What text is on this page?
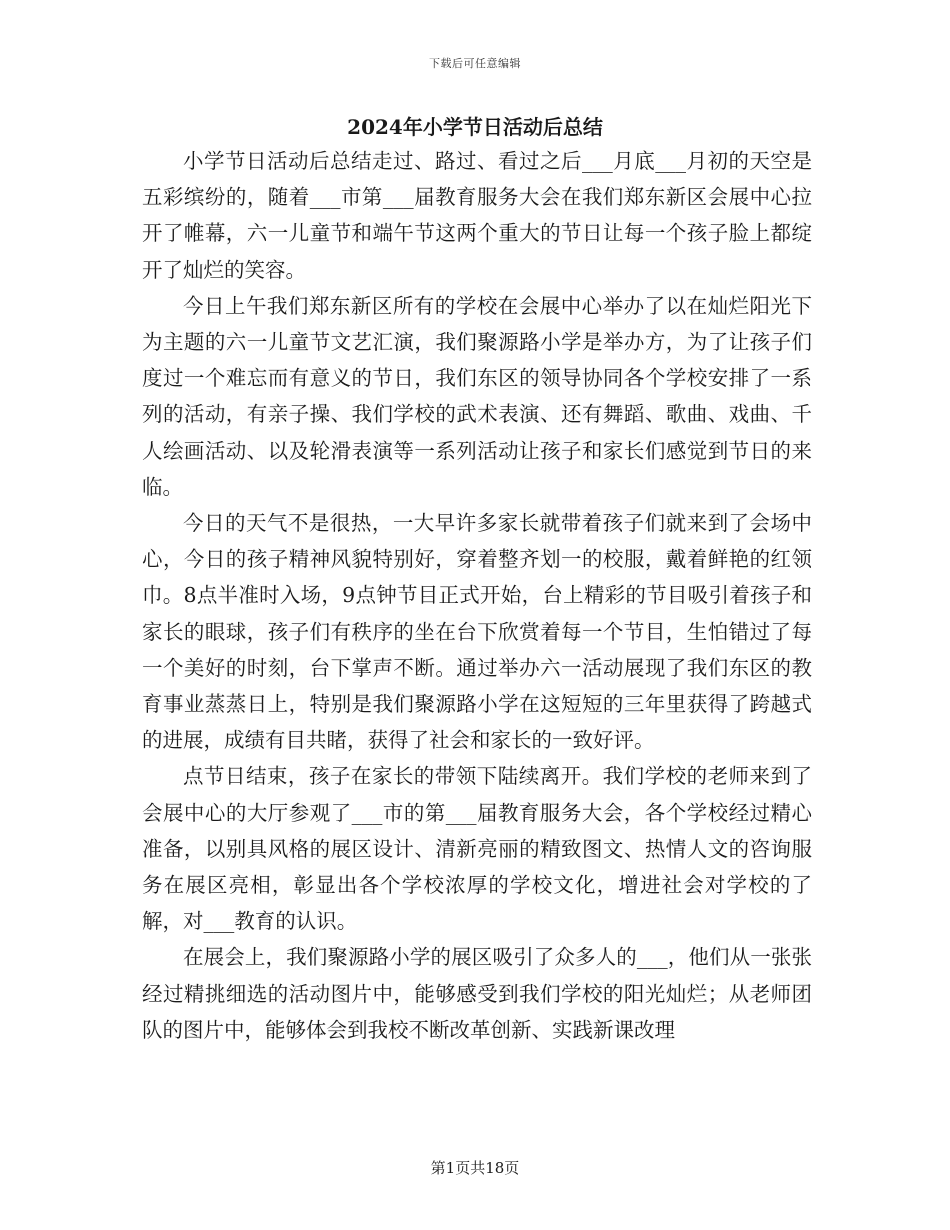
下载后可任意编辑
2024年小学节日活动后总结

小学节日活动后总结走过、路过、看过之后___月底___月初的天空是五彩缤纷的，随着___市第___届教育服务大会在我们郑东新区会展中心拉开了帷幕，六一儿童节和端午节这两个重大的节日让每一个孩子脸上都绽开了灿烂的笑容。

今日上午我们郑东新区所有的学校在会展中心举办了以在灿烂阳光下为主题的六一儿童节文艺汇演，我们聚源路小学是举办方，为了让孩子们度过一个难忘而有意义的节日，我们东区的领导协同各个学校安排了一系列的活动，有亲子操、我们学校的武术表演、还有舞蹈、歌曲、戏曲、千人绘画活动、以及轮滑表演等一系列活动让孩子和家长们感觉到节日的来临。

今日的天气不是很热，一大早许多家长就带着孩子们就来到了会场中心，今日的孩子精神风貌特别好，穿着整齐划一的校服，戴着鲜艳的红领巾。8点半准时入场，9点钟节目正式开始，台上精彩的节目吸引着孩子和家长的眼球，孩子们有秩序的坐在台下欣赏着每一个节目，生怕错过了每一个美好的时刻，台下掌声不断。通过举办六一活动展现了我们东区的教育事业蒸蒸日上，特别是我们聚源路小学在这短短的三年里获得了跨越式的进展，成绩有目共睹，获得了社会和家长的一致好评。

点节日结束，孩子在家长的带领下陆续离开。我们学校的老师来到了会展中心的大厅参观了___市的第___届教育服务大会，各个学校经过精心准备，以别具风格的展区设计、清新亮丽的精致图文、热情人文的咨询服务在展区亮相，彰显出各个学校浓厚的学校文化，增进社会对学校的了解，对___教育的认识。

在展会上，我们聚源路小学的展区吸引了众多人的___，他们从一张张经过精挑细选的活动图片中，能够感受到我们学校的阳光灿烂；从老师团队的图片中，能够体会到我校不断改革创新、实践新课改理

第1页共18页
